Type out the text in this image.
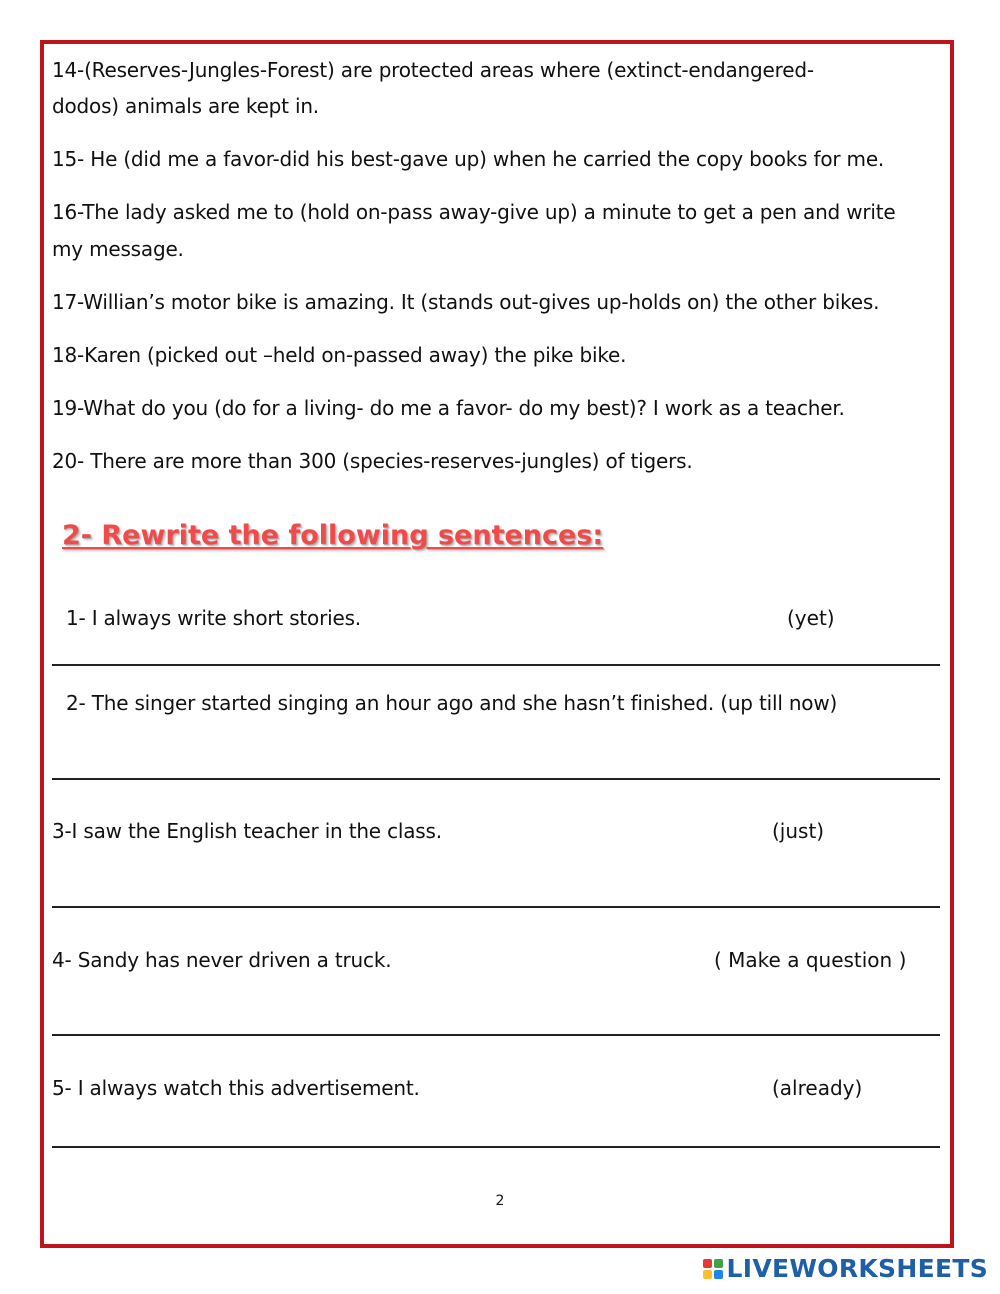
14-(Reserves-Jungles-Forest) are protected areas where (extinct-endangered-
dodos) animals are kept in.
15- He (did me a favor-did his best-gave up) when he carried the copy books for me.
16-The lady asked me to (hold on-pass away-give up) a minute to get a pen and write
my message.
17-Willian’s motor bike is amazing. It (stands out-gives up-holds on) the other bikes.
18-Karen (picked out –held on-passed away) the pike bike.
19-What do you (do for a living- do me a favor- do my best)? I work as a teacher.
20- There are more than 300 (species-reserves-jungles) of tigers.
2- Rewrite the following sentences:
1- I always write short stories.	(yet)
2- The singer started singing an hour ago and she hasn’t finished. (up till now)
3-I saw the English teacher in the class.	(just)
4- Sandy has never driven a truck.	( Make a question )
5- I always watch this advertisement.	(already)
2
LIVEWORKSHEETS
